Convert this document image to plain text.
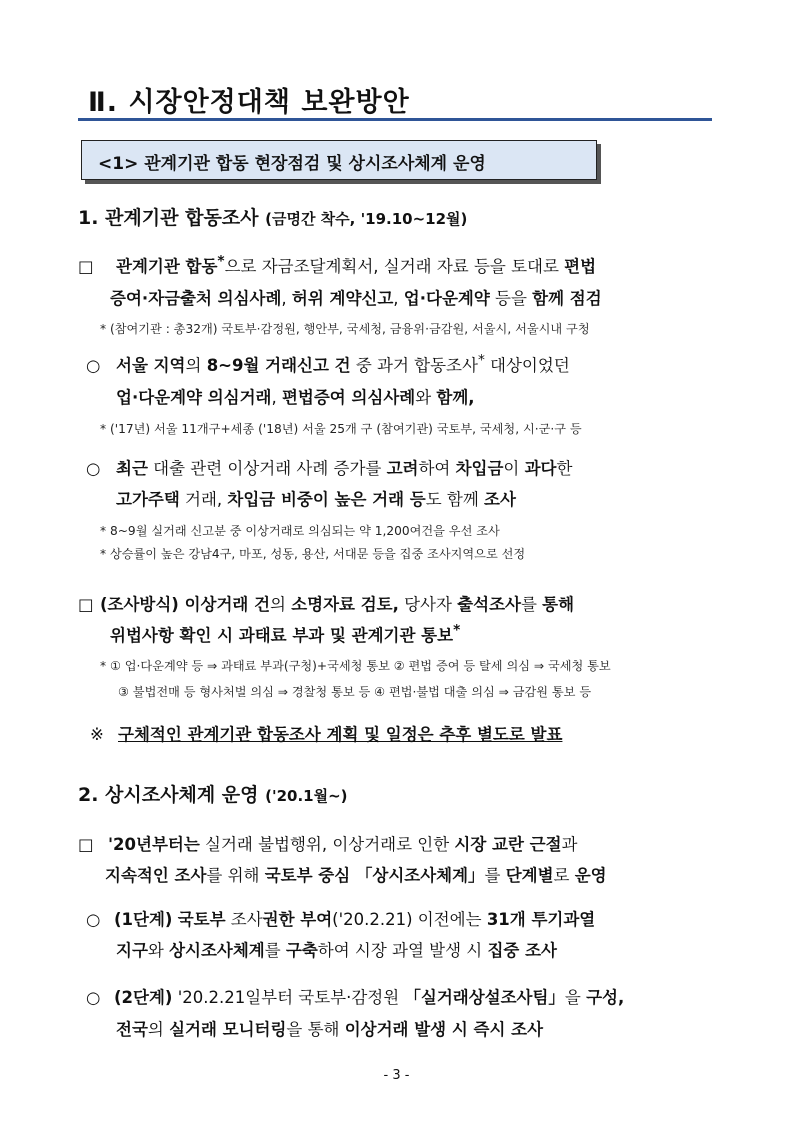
Ⅱ. 시장안정대책 보완방안
<1> 관계기관 합동 현장점검 및 상시조사체계 운영
1. 관계기관 합동조사 (금명간 착수, '19.10~12월)
□ 관계기관 합동*으로 자금조달계획서, 실거래 자료 등을 토대로 편법
증여·자금출처 의심사례, 허위 계약신고, 업·다운계약 등을 함께 점검
* (참여기관 : 총32개) 국토부·감정원, 행안부, 국세청, 금융위·금감원, 서울시, 서울시내 구청
○ 서울 지역의 8~9월 거래신고 건 중 과거 합동조사* 대상이었던
업·다운계약 의심거래, 편법증여 의심사례와 함께,
* ('17년) 서울 11개구+세종 ('18년) 서울 25개 구 (참여기관) 국토부, 국세청, 시·군·구 등
○ 최근 대출 관련 이상거래 사례 증가를 고려하여 차입금이 과다한
고가주택 거래, 차입금 비중이 높은 거래 등도 함께 조사
* 8~9월 실거래 신고분 중 이상거래로 의심되는 약 1,200여건을 우선 조사
* 상승률이 높은 강남4구, 마포, 성동, 용산, 서대문 등을 집중 조사지역으로 선정
□ (조사방식) 이상거래 건의 소명자료 검토, 당사자 출석조사를 통해
위법사항 확인 시 과태료 부과 및 관계기관 통보*
* ① 업·다운계약 등 ⇒ 과태료 부과(구청)+국세청 통보 ② 편법 증여 등 탈세 의심 ⇒ 국세청 통보
③ 불법전매 등 형사처벌 의심 ⇒ 경찰청 통보 등 ④ 편법·불법 대출 의심 ⇒ 금감원 통보 등
※ 구체적인 관계기관 합동조사 계획 및 일정은 추후 별도로 발표
2. 상시조사체계 운영 ('20.1월~)
□ '20년부터는 실거래 불법행위, 이상거래로 인한 시장 교란 근절과
지속적인 조사를 위해 국토부 중심 「상시조사체계」를 단계별로 운영
○ (1단계) 국토부 조사권한 부여('20.2.21) 이전에는 31개 투기과열
지구와 상시조사체계를 구축하여 시장 과열 발생 시 집중 조사
○ (2단계) '20.2.21일부터 국토부·감정원 「실거래상설조사팀」을 구성,
전국의 실거래 모니터링을 통해 이상거래 발생 시 즉시 조사
- 3 -
